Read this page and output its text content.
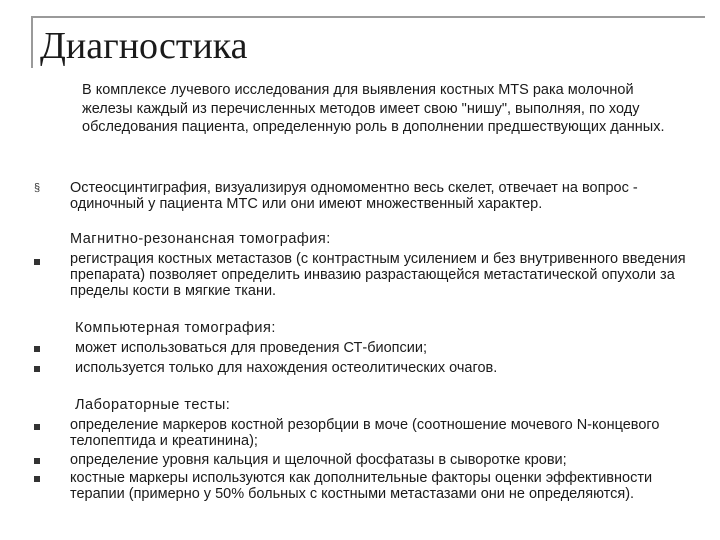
Диагностика
В комплексе лучевого исследования для выявления костных MTS рака молочной железы каждый из перечисленных методов имеет свою "нишу", выполняя, по ходу обследования пациента, определенную роль в дополнении предшествующих данных.
§ Остеосцинтиграфия, визуализируя одномоментно весь скелет, отвечает на вопрос - одиночный у пациента МТС или они имеют множественный характер.
Магнитно-резонансная томография:
регистрация костных метастазов (с контрастным усилением и без внутривенного введения препарата) позволяет определить инвазию разрастающейся метастатической опухоли за пределы кости в мягкие ткани.
Компьютерная томография:
может использоваться для проведения СТ-биопсии;
используется только для нахождения остеолитических очагов.
Лабораторные тесты:
определение маркеров костной резорбции в моче (соотношение мочевого N-концевого телопептида и креатинина);
определение уровня кальция и щелочной фосфатазы в сыворотке крови;
костные маркеры используются как дополнительные факторы оценки эффективности терапии (примерно у 50% больных с костными метастазами они не определяются).
